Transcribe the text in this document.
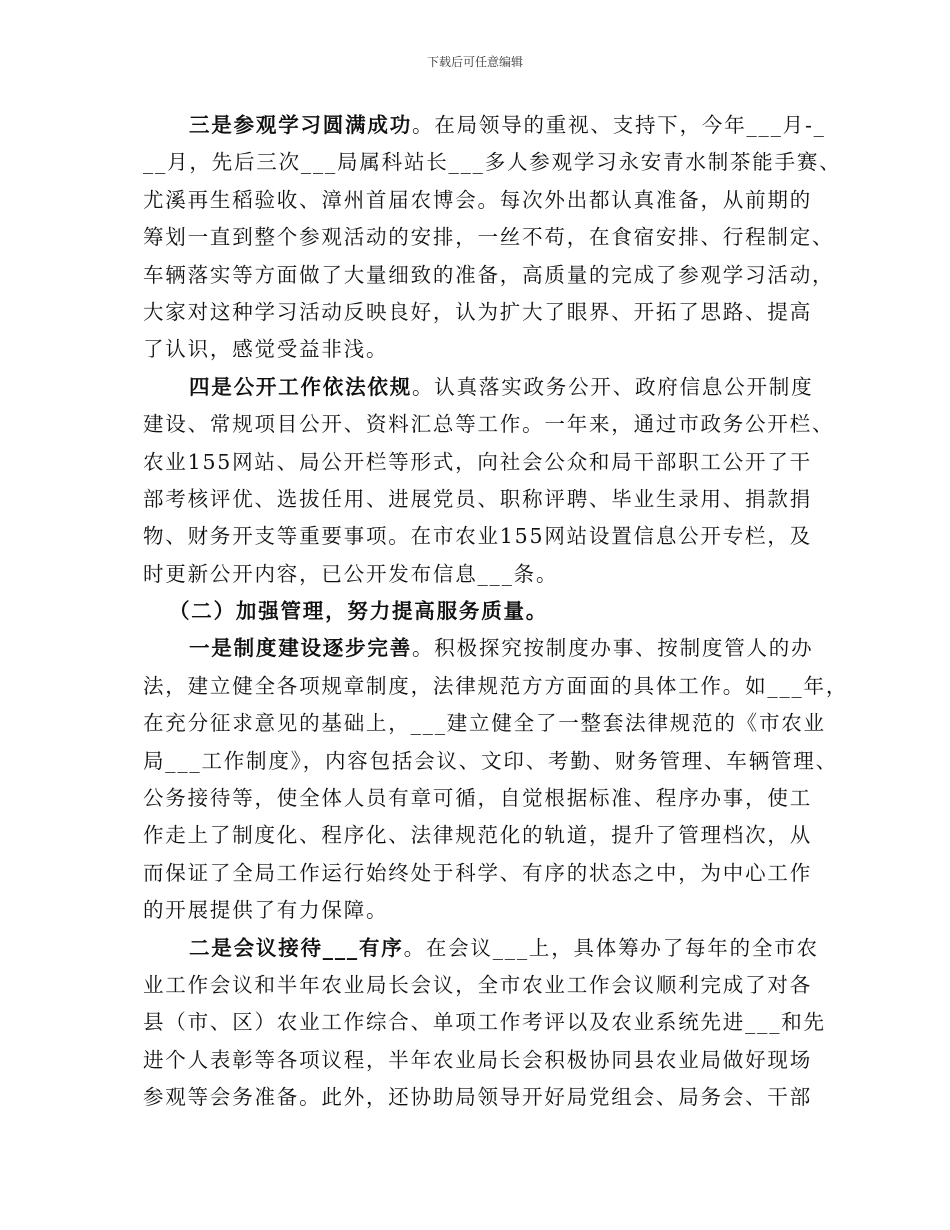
下载后可任意编辑
三是参观学习圆满成功。在局领导的重视、支持下，今年___月-_
__月，先后三次___局属科站长___多人参观学习永安青水制茶能手赛、
尤溪再生稻验收、漳州首届农博会。每次外出都认真准备，从前期的
筹划一直到整个参观活动的安排，一丝不苟，在食宿安排、行程制定、
车辆落实等方面做了大量细致的准备，高质量的完成了参观学习活动，
大家对这种学习活动反映良好，认为扩大了眼界、开拓了思路、提高
了认识，感觉受益非浅。
四是公开工作依法依规。认真落实政务公开、政府信息公开制度
建设、常规项目公开、资料汇总等工作。一年来，通过市政务公开栏、
农业155网站、局公开栏等形式，向社会公众和局干部职工公开了干
部考核评优、选拔任用、进展党员、职称评聘、毕业生录用、捐款捐
物、财务开支等重要事项。在市农业155网站设置信息公开专栏，及
时更新公开内容，已公开发布信息___条。
（二）加强管理，努力提高服务质量。
一是制度建设逐步完善。积极探究按制度办事、按制度管人的办
法，建立健全各项规章制度，法律规范方方面面的具体工作。如___年，
在充分征求意见的基础上，___建立健全了一整套法律规范的《市农业
局___工作制度》，内容包括会议、文印、考勤、财务管理、车辆管理、
公务接待等，使全体人员有章可循，自觉根据标准、程序办事，使工
作走上了制度化、程序化、法律规范化的轨道，提升了管理档次，从
而保证了全局工作运行始终处于科学、有序的状态之中，为中心工作
的开展提供了有力保障。
二是会议接待___有序。在会议___上，具体筹办了每年的全市农
业工作会议和半年农业局长会议，全市农业工作会议顺利完成了对各
县（市、区）农业工作综合、单项工作考评以及农业系统先进___和先
进个人表彰等各项议程，半年农业局长会积极协同县农业局做好现场
参观等会务准备。此外，还协助局领导开好局党组会、局务会、干部
